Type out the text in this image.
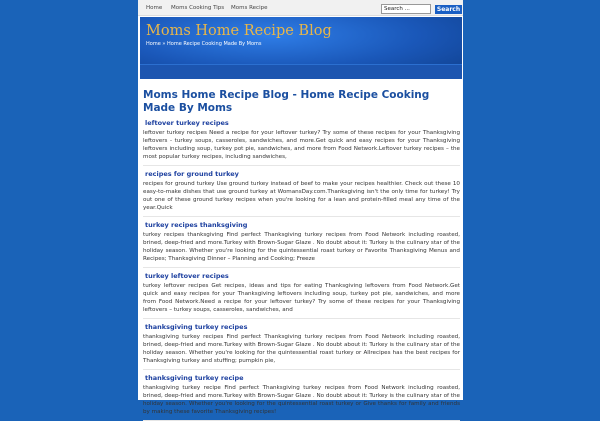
Home Moms Cooking Tips Moms Recipe
Search ...	Search
Moms Home Recipe Blog
Home » Home Recipe Cooking Made By Moms
Moms Home Recipe Blog - Home Recipe Cooking Made By Moms
leftover turkey recipes

leftover turkey recipes Need a recipe for your leftover turkey? Try some of these recipes for your Thanksgiving leftovers - turkey soups, casseroles, sandwiches, and more.Get quick and easy recipes for your Thanksgiving leftovers including soup, turkey pot pie, sandwiches, and more from Food Network.Leftover turkey recipes – the most popular turkey recipes, including sandwiches,

recipes for ground turkey

recipes for ground turkey Use ground turkey instead of beef to make your recipes healthier. Check out these 10 easy-to-make dishes that use ground turkey at WomansDay.com.Thanksgiving isn't the only time for turkey! Try out one of these ground turkey recipes when you're looking for a lean and protein-filled meal any time of the year.Quick

turkey recipes thanksgiving

turkey recipes thanksgiving Find perfect Thanksgiving turkey recipes from Food Network including roasted, brined, deep-fried and more.Turkey with Brown-Sugar Glaze . No doubt about it: Turkey is the culinary star of the holiday season. Whether you're looking for the quintessential roast turkey or Favorite Thanksgiving Menus and Recipes; Thanksgiving Dinner – Planning and Cooking; Freeze

turkey leftover recipes

turkey leftover recipes Get recipes, ideas and tips for eating Thanksgiving leftovers from Food Network.Get quick and easy recipes for your Thanksgiving leftovers including soup, turkey pot pie, sandwiches, and more from Food Network.Need a recipe for your leftover turkey? Try some of these recipes for your Thanksgiving leftovers – turkey soups, casseroles, sandwiches, and

thanksgiving turkey recipes

thanksgiving turkey recipes Find perfect Thanksgiving turkey recipes from Food Network including roasted, brined, deep-fried and more.Turkey with Brown-Sugar Glaze . No doubt about it: Turkey is the culinary star of the holiday season. Whether you're looking for the quintessential roast turkey or Allrecipes has the best recipes for Thanksgiving turkey and stuffing; pumpkin pie,

thanksgiving turkey recipe

thanksgiving turkey recipe Find perfect Thanksgiving turkey recipes from Food Network including roasted, brined, deep-fried and more.Turkey with Brown-Sugar Glaze . No doubt about it: Turkey is the culinary star of the holiday season. Whether you're looking for the quintessential roast turkey or Give thanks for family and friends by making these favorite Thanksgiving recipes!
